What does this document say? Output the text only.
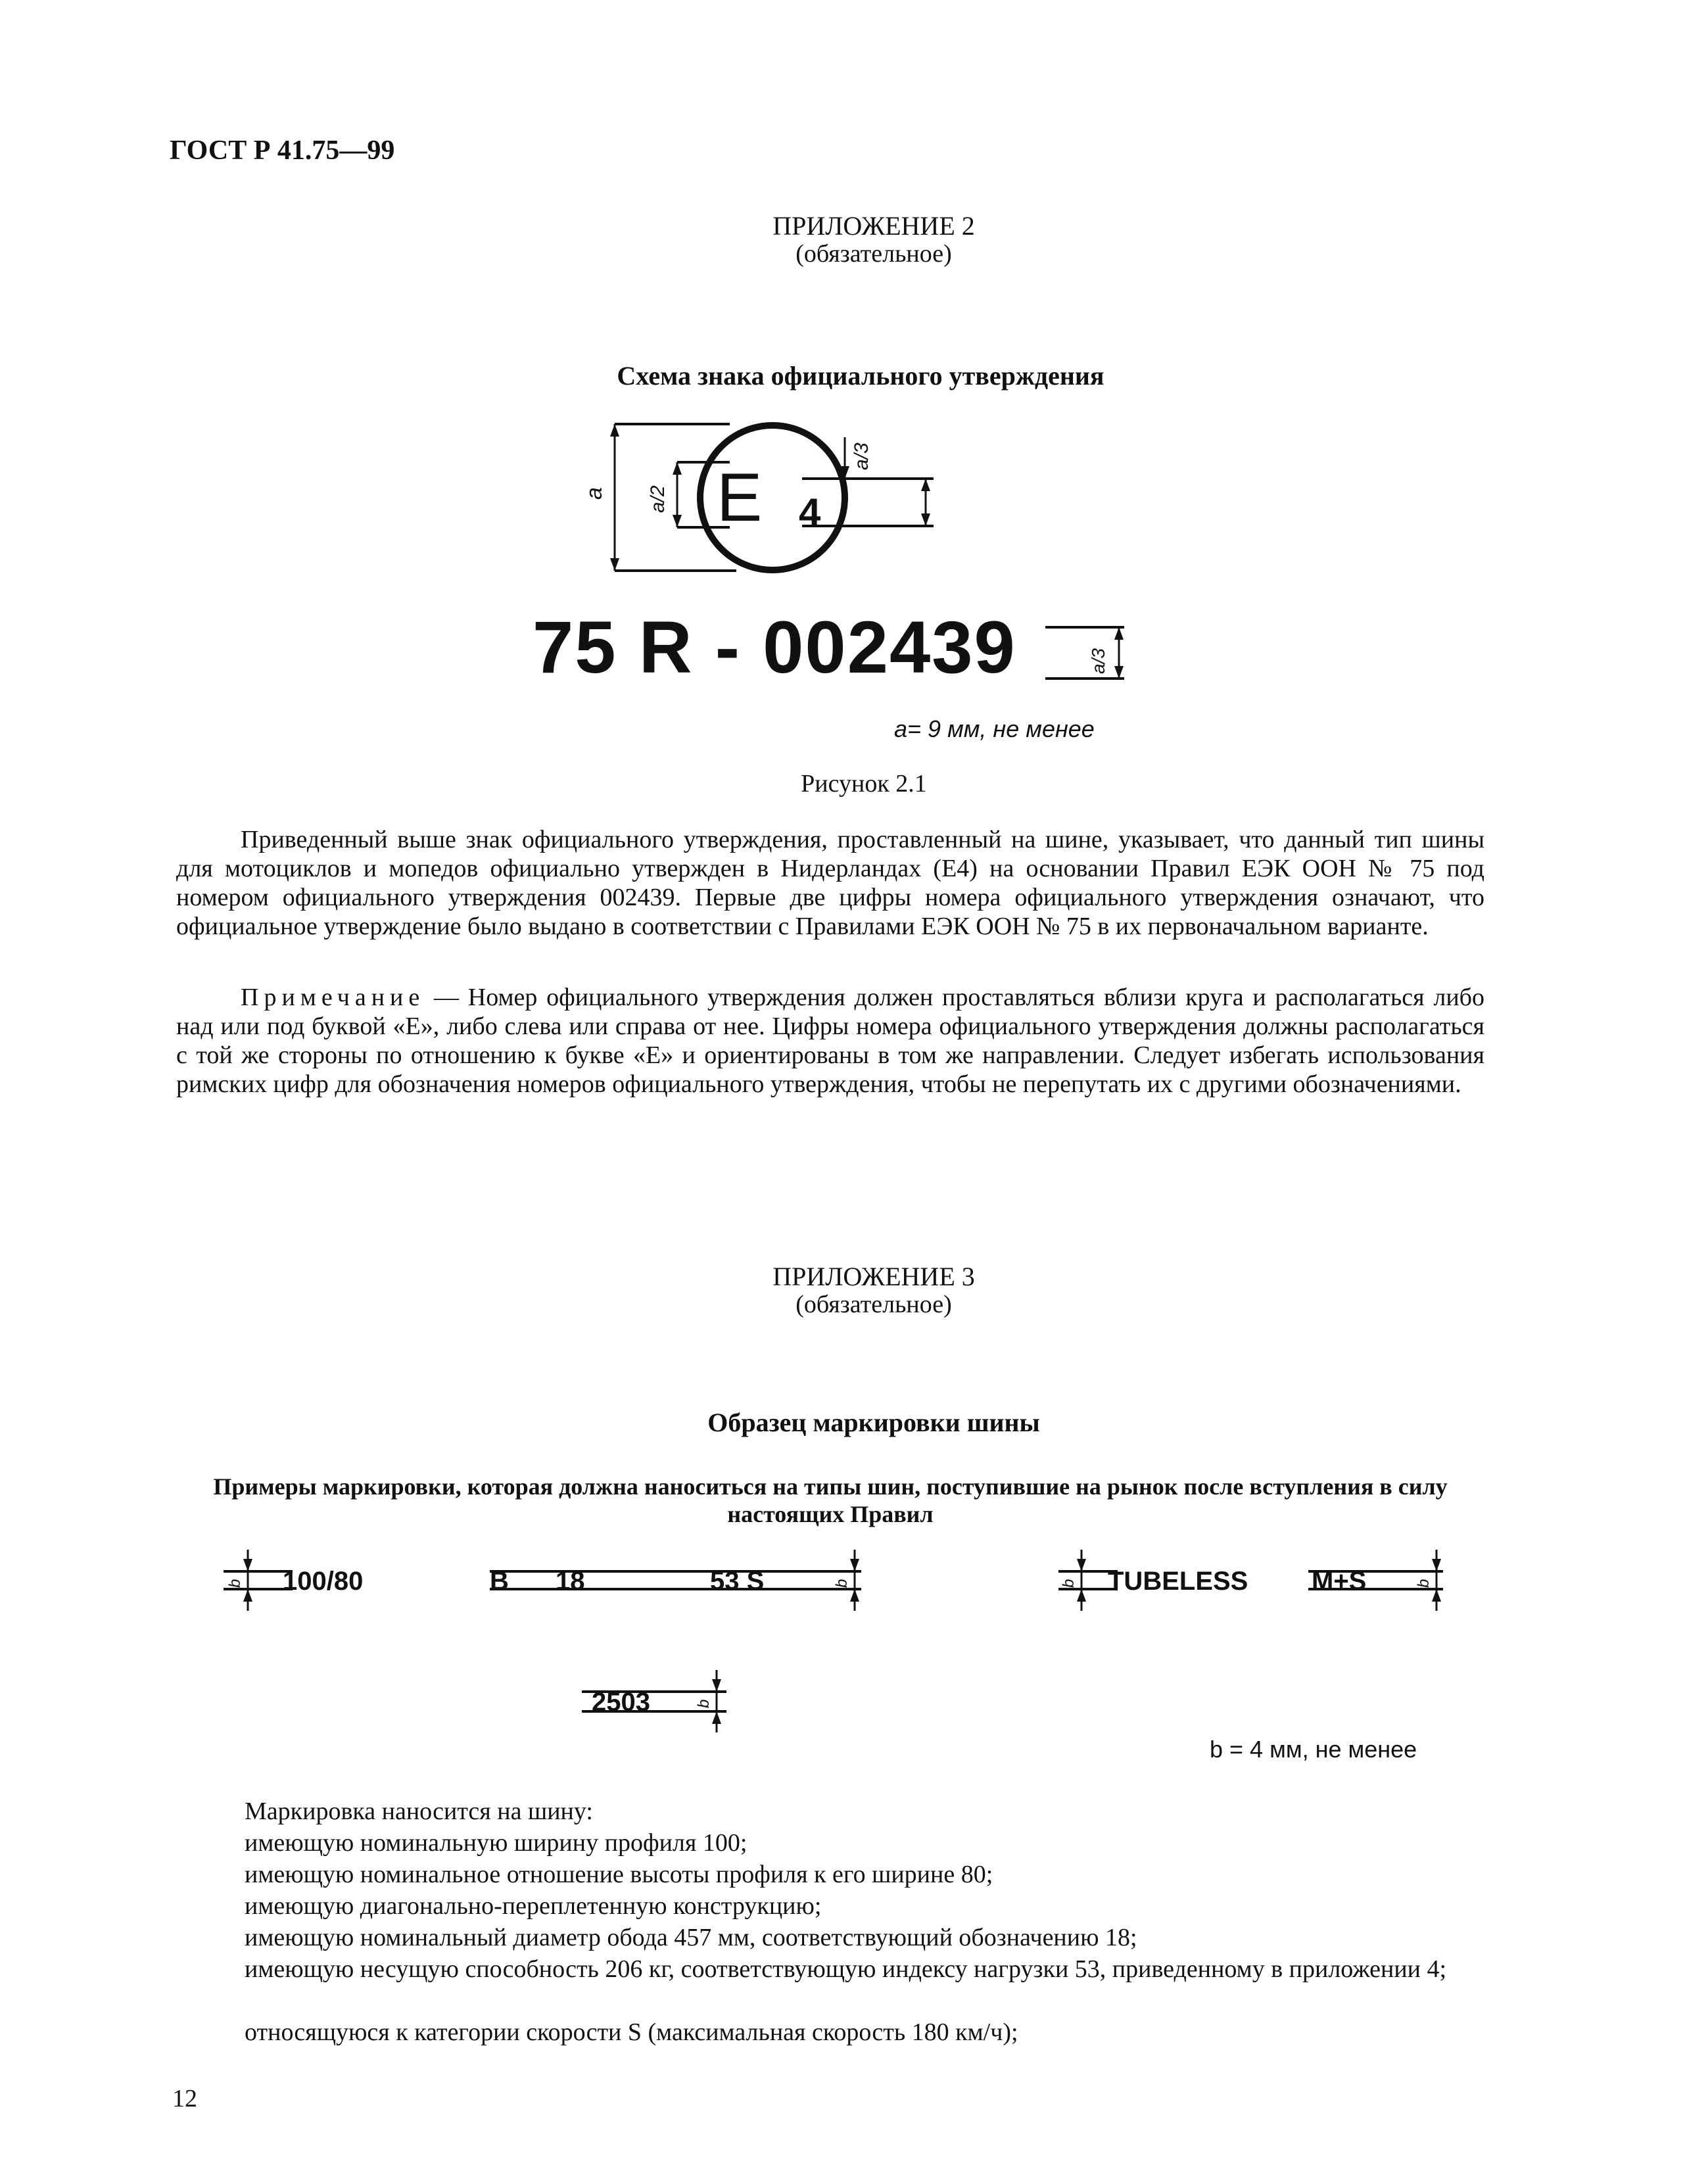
ГОСТ Р 41.75—99
ПРИЛОЖЕНИЕ 2
(обязательное)
Схема знака официального утверждения
E 4
a a/2
a/3
75 R - 002439	a/3
a= 9 мм, не менее
Рисунок 2.1
Приведенный выше знак официального утверждения, проставленный на шине, указывает, что данный тип шины для мотоциклов и мопедов официально утвержден в Нидерландах (E4) на основании Правил ЕЭК ООН № 75 под номером официального утверждения 002439. Первые две цифры номера официального утверждения означают, что официальное утверждение было выдано в соответствии с Правилами ЕЭК ООН № 75 в их первоначальном варианте.
Примечание — Номер официального утверждения должен проставляться вблизи круга и располагаться либо над или под буквой «E», либо слева или справа от нее. Цифры номера официального утверждения должны располагаться с той же стороны по отношению к букве «E» и ориентированы в том же направлении. Следует избегать использования римских цифр для обозначения номеров официального утверждения, чтобы не перепутать их с другими обозначениями.
ПРИЛОЖЕНИЕ 3
(обязательное)
Образец маркировки шины
Примеры маркировки, которая должна наноситься на типы шин, поступившие на рынок после вступления в силу
настоящих Правил
100/80	B 18	53 S	TUBELESS M+S
2503
b	b	b	b
b
b = 4 мм, не менее
Маркировка наносится на шину:
имеющую номинальную ширину профиля 100;
имеющую номинальное отношение высоты профиля к его ширине 80;
имеющую диагонально-переплетенную конструкцию;
имеющую номинальный диаметр обода 457 мм, соответствующий обозначению 18;
имеющую несущую способность 206 кг, соответствующую индексу нагрузки 53, приведенному в приложении 4;
относящуюся к категории скорости S (максимальная скорость 180 км/ч);
12
